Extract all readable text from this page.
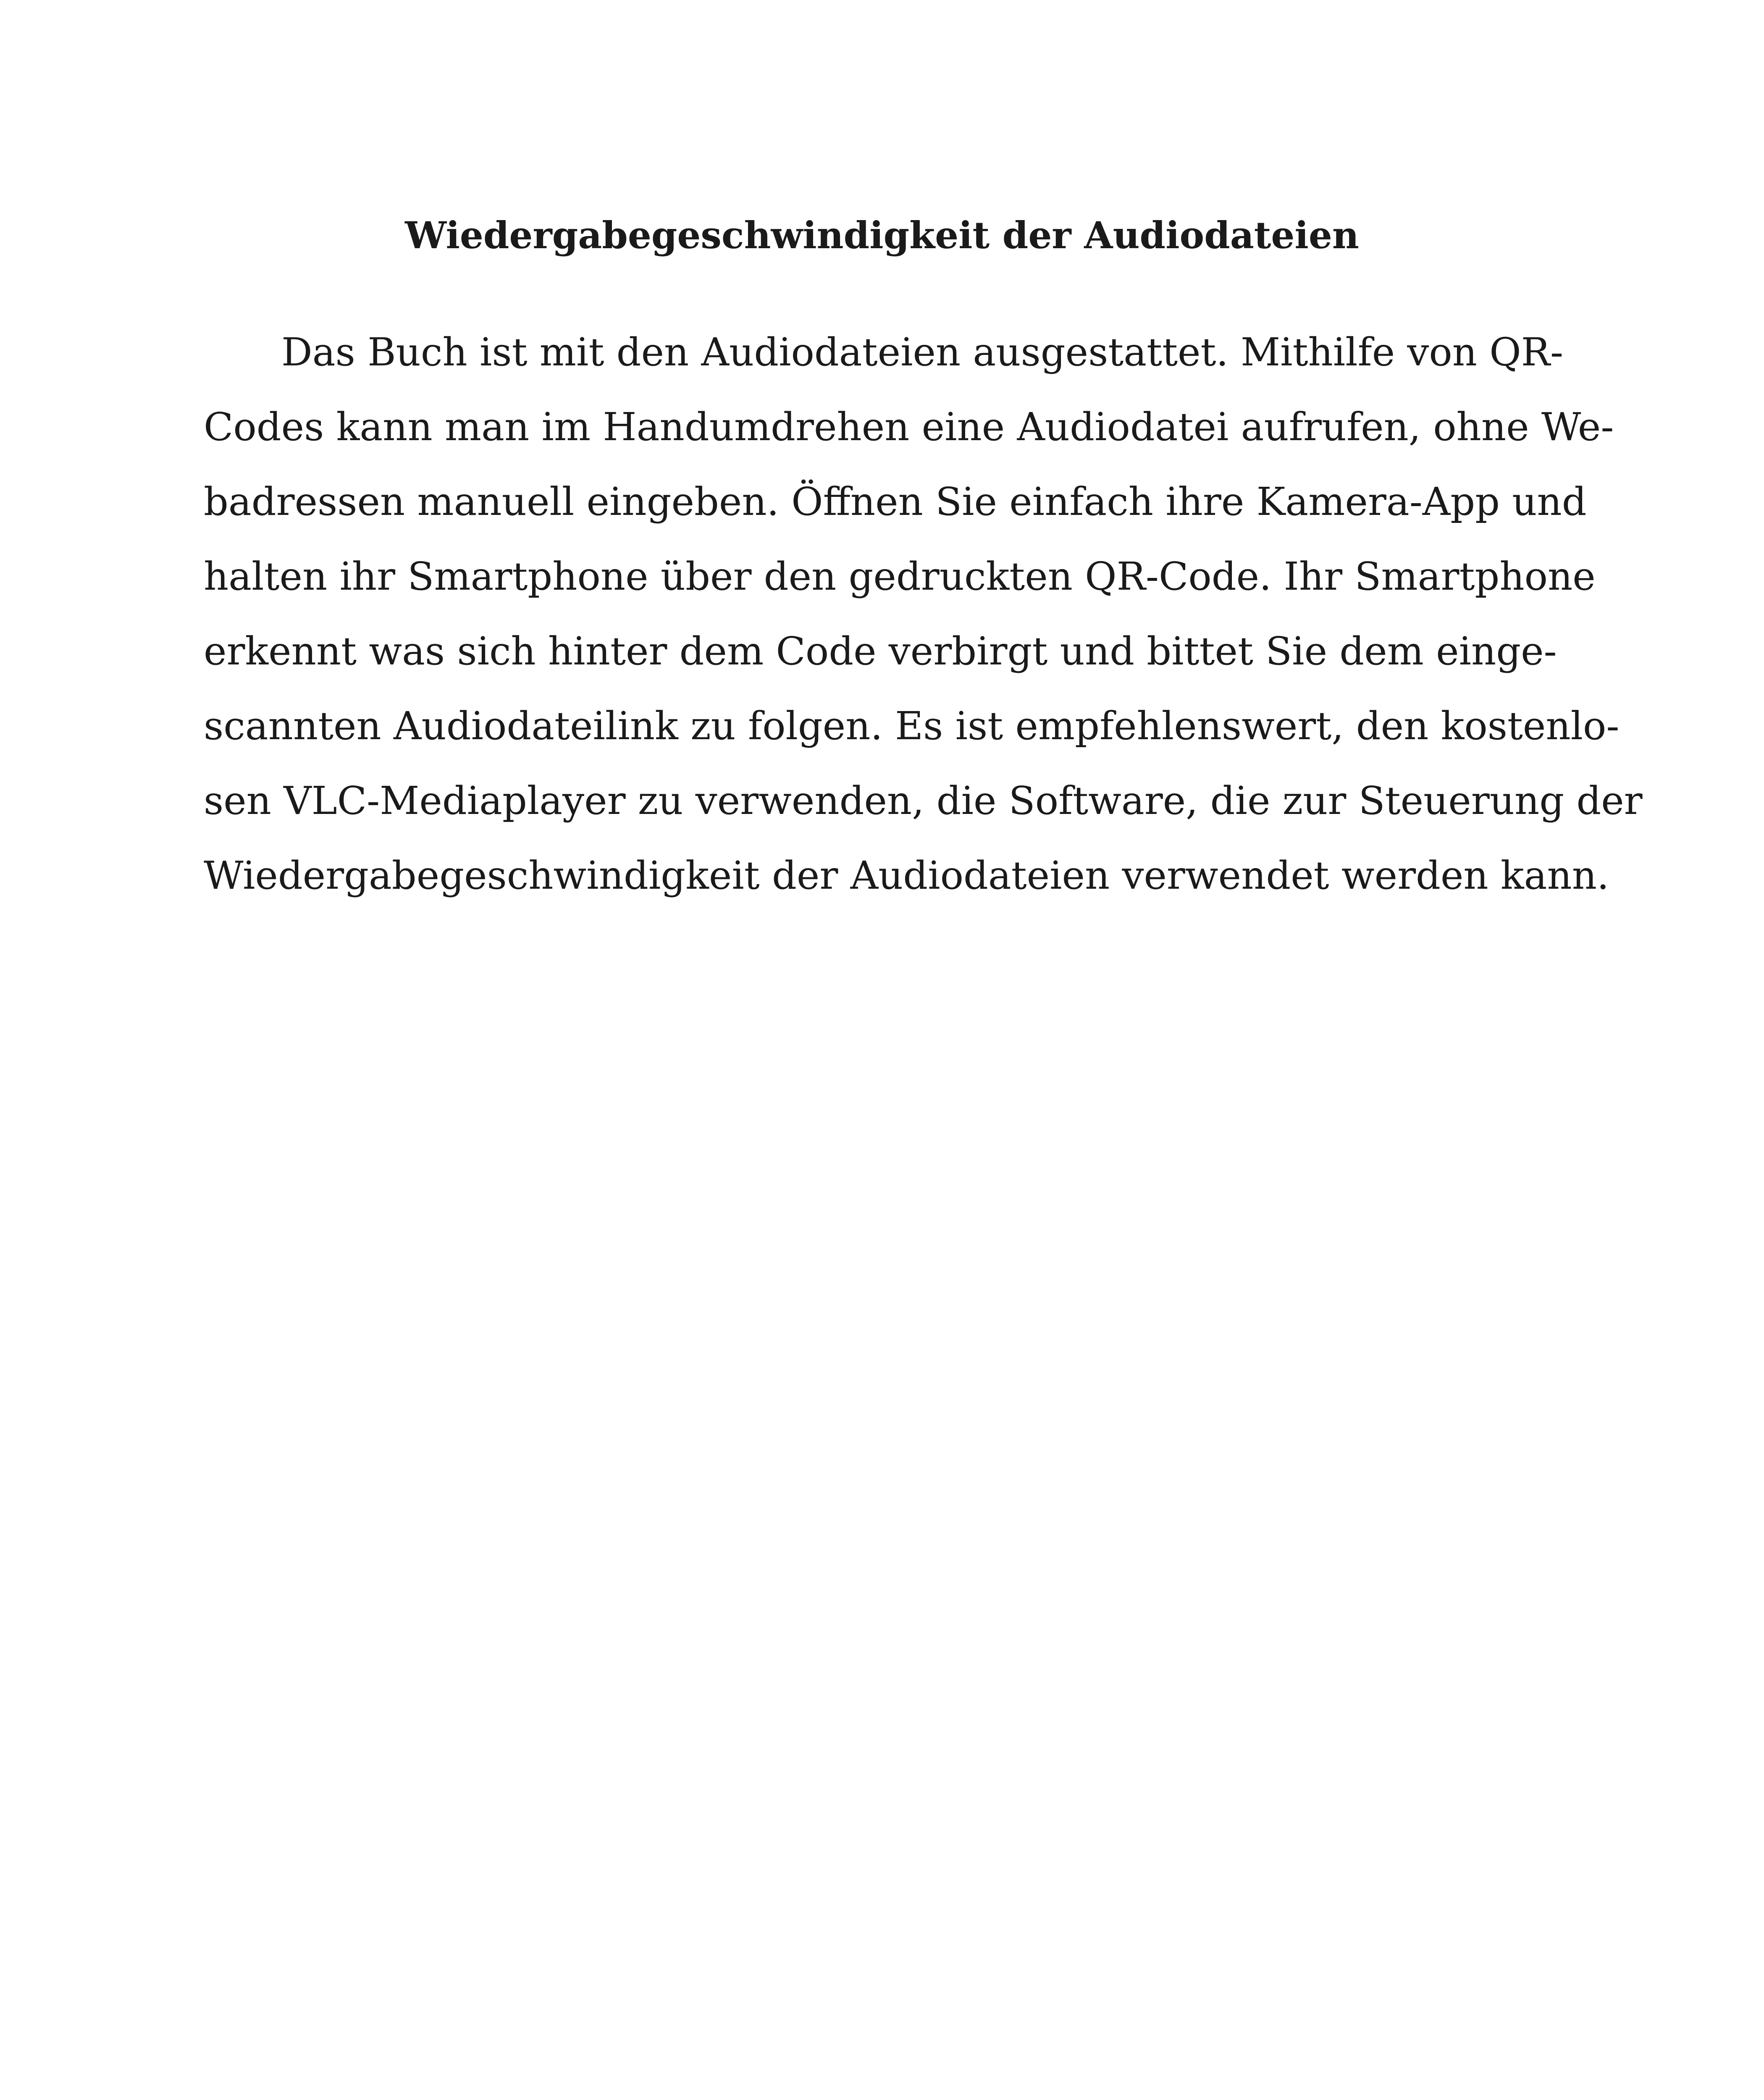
Wiedergabegeschwindigkeit der Audiodateien
Das Buch ist mit den Audiodateien ausgestattet. Mithilfe von QR-
Codes kann man im Handumdrehen eine Audiodatei aufrufen, ohne We-
badressen manuell eingeben. Öffnen Sie einfach ihre Kamera-App und
halten ihr Smartphone über den gedruckten QR-Code. Ihr Smartphone
erkennt was sich hinter dem Code verbirgt und bittet Sie dem einge-
scannten Audiodateilink zu folgen. Es ist empfehlenswert, den kostenlo-
sen VLC-Mediaplayer zu verwenden, die Software, die zur Steuerung der
Wiedergabegeschwindigkeit der Audiodateien verwendet werden kann.
